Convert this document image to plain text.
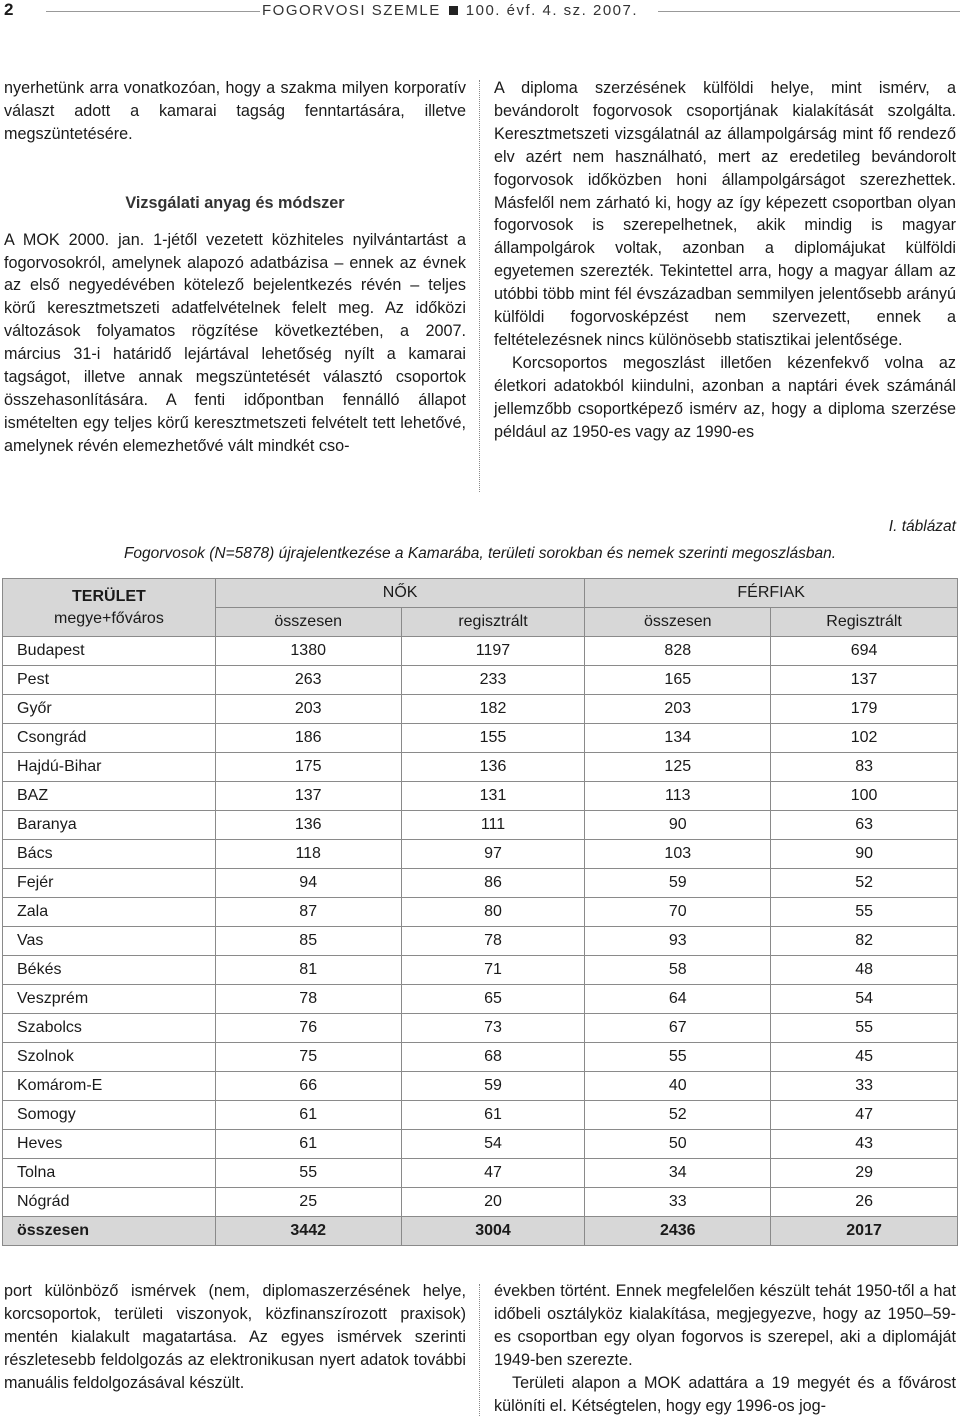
2	FOGORVOSI SZEMLE 100. évf. 4. sz. 2007.

nyerhetünk arra vonatkozóan, hogy a szakma milyen korporatív választ adott a kamarai tagság fenntartására, illetve megszüntetésére.

Vizsgálati anyag és módszer

A MOK 2000. jan. 1-jétől vezetett közhiteles nyilvántartást a fogorvosokról, amelynek alapozó adatbázisa – ennek az évnek az első negyedévében kötelező bejelentkezés révén – teljes körű keresztmetszeti adatfelvételnek felelt meg. Az időközi változások folyamatos rögzítése következtében, a 2007. március 31-i határidő lejártával lehetőség nyílt a kamarai tagságot, illetve annak megszüntetését választó csoportok összehasonlítására. A fenti időpontban fennálló állapot ismételten egy teljes körű keresztmetszeti felvételt tett lehetővé, amelynek révén elemezhetővé vált mindkét cso-

A diploma szerzésének külföldi helye, mint ismérv, a bevándorolt fogorvosok csoportjának kialakítását szolgálta. Keresztmetszeti vizsgálatnál az állampolgárság mint fő rendező elv azért nem használható, mert az eredetileg bevándorolt fogorvosok időközben honi állampolgárságot szerezhettek. Másfelől nem zárható ki, hogy az így képezett csoportban olyan fogorvosok is szerepelhetnek, akik mindig is magyar állampolgárok voltak, azonban a diplomájukat külföldi egyetemen szerezték. Tekintettel arra, hogy a magyar állam az utóbbi több mint fél évszázadban semmilyen jelentősebb arányú külföldi fogorvosképzést nem szervezett, ennek a feltételezésnek nincs különösebb statisztikai jelentősége.

Korcsoportos megoszlást illetően kézenfekvő volna az életkori adatokból kiindulni, azonban a naptári évek számánál jellemzőbb csoportképező ismérv az, hogy a diploma szerzése például az 1950-es vagy az 1990-es

I. táblázat
Fogorvosok (N=5878) újrajelentkezése a Kamarába, területi sorokban és nemek szerinti megoszlásban.
TERÜLET
megye+főváros	NŐK		FÉRFIAK	
	összesen	regisztrált	összesen	Regisztrált
Budapest	1380	1197	828	694
Pest	263	233	165	137
Győr	203	182	203	179
Csongrád	186	155	134	102
Hajdú-Bihar	175	136	125	83
BAZ	137	131	113	100
Baranya	136	111	90	63
Bács	118	97	103	90
Fejér	94	86	59	52
Zala	87	80	70	55
Vas	85	78	93	82
Békés	81	71	58	48
Veszprém	78	65	64	54
Szabolcs	76	73	67	55
Szolnok	75	68	55	45
Komárom-E	66	59	40	33
Somogy	61	61	52	47
Heves	61	54	50	43
Tolna	55	47	34	29
Nógrád	25	20	33	26
összesen	3442	3004	2436	2017

port különböző ismérvek (nem, diplomaszerzésének helye, korcsoportok, területi viszonyok, közfinanszírozott praxisok) mentén kialakult magatartása. Az egyes ismérvek szerinti részletesebb feldolgozás az elektronikusan nyert adatok további manuális feldolgozásával készült.

években történt. Ennek megfelelően készült tehát 1950-től a hat időbeli osztályköz kialakítása, megjegyezve, hogy az 1950–59-es csoportban egy olyan fogorvos is szerepel, aki a diplomáját 1949-ben szerezte.

Területi alapon a MOK adattára a 19 megyét és a fővárost különíti el. Kétségtelen, hogy egy 1996-os jog-
